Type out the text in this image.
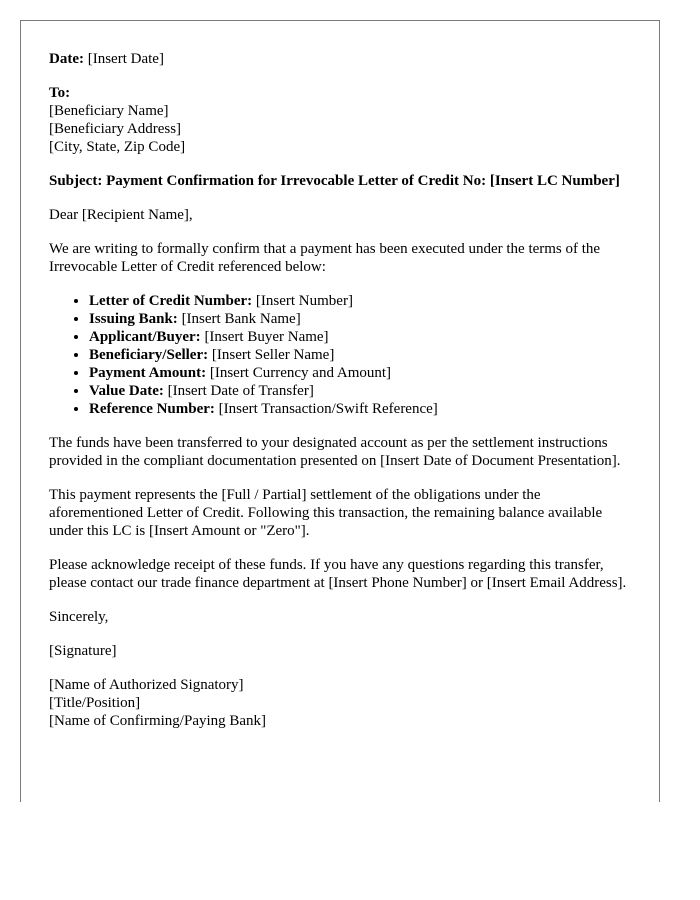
Date: [Insert Date]

To:
[Beneficiary Name]
[Beneficiary Address]
[City, State, Zip Code]

Subject: Payment Confirmation for Irrevocable Letter of Credit No: [Insert LC Number]

Dear [Recipient Name],

We are writing to formally confirm that a payment has been executed under the terms of the Irrevocable Letter of Credit referenced below:

• Letter of Credit Number: [Insert Number]
• Issuing Bank: [Insert Bank Name]
• Applicant/Buyer: [Insert Buyer Name]
• Beneficiary/Seller: [Insert Seller Name]
• Payment Amount: [Insert Currency and Amount]
• Value Date: [Insert Date of Transfer]
• Reference Number: [Insert Transaction/Swift Reference]

The funds have been transferred to your designated account as per the settlement instructions provided in the compliant documentation presented on [Insert Date of Document Presentation].

This payment represents the [Full / Partial] settlement of the obligations under the aforementioned Letter of Credit. Following this transaction, the remaining balance available under this LC is [Insert Amount or "Zero"].

Please acknowledge receipt of these funds. If you have any questions regarding this transfer, please contact our trade finance department at [Insert Phone Number] or [Insert Email Address].

Sincerely,

[Signature]

[Name of Authorized Signatory]
[Title/Position]
[Name of Confirming/Paying Bank]
